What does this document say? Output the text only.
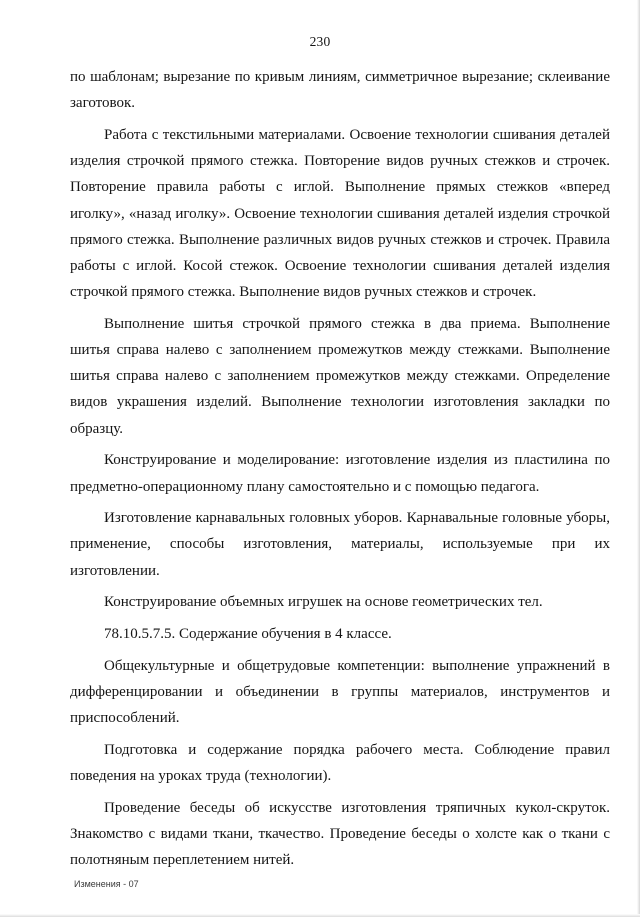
230

по шаблонам; вырезание по кривым линиям, симметричное вырезание; склеивание заготовок.

Работа с текстильными материалами. Освоение технологии сшивания деталей изделия строчкой прямого стежка. Повторение видов ручных стежков и строчек. Повторение правила работы с иглой. Выполнение прямых стежков «вперед иголку», «назад иголку». Освоение технологии сшивания деталей изделия строчкой прямого стежка. Выполнение различных видов ручных стежков и строчек. Правила работы с иглой. Косой стежок. Освоение технологии сшивания деталей изделия строчкой прямого стежка. Выполнение видов ручных стежков и строчек.

Выполнение шитья строчкой прямого стежка в два приема. Выполнение шитья справа налево с заполнением промежутков между стежками. Выполнение шитья справа налево с заполнением промежутков между стежками. Определение видов украшения изделий. Выполнение технологии изготовления закладки по образцу.

Конструирование и моделирование: изготовление изделия из пластилина по предметно-операционному плану самостоятельно и с помощью педагога.

Изготовление карнавальных головных уборов. Карнавальные головные уборы, применение, способы изготовления, материалы, используемые при их изготовлении.

Конструирование объемных игрушек на основе геометрических тел.

78.10.5.7.5. Содержание обучения в 4 классе.

Общекультурные и общетрудовые компетенции: выполнение упражнений в дифференцировании и объединении в группы материалов, инструментов и приспособлений.

Подготовка и содержание порядка рабочего места. Соблюдение правил поведения на уроках труда (технологии).

Проведение беседы об искусстве изготовления тряпичных кукол-скруток. Знакомство с видами ткани, ткачество. Проведение беседы о холсте как о ткани с полотняным переплетением нитей.

Изменения - 07
